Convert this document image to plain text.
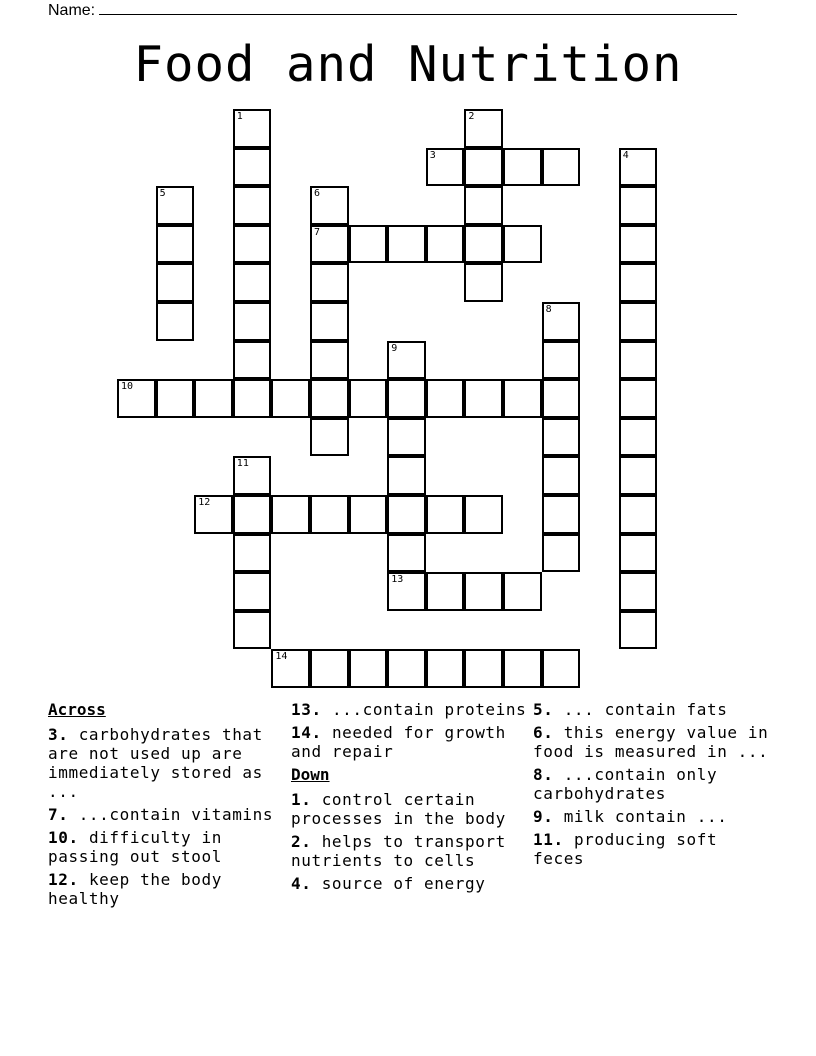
Name:
Food and Nutrition
1	2
3	4
5	6
7
8
9
10
11
12
13
14
Across
3. carbohydrates that are not used up are immediately stored as ...
7. ...contain vitamins
10. difficulty in passing out stool
12. keep the body healthy
13. ...contain proteins
14. needed for growth and repair
Down
1. control certain processes in the body
2. helps to transport nutrients to cells
4. source of energy
5. ... contain fats
6. this energy value in food is measured in ...
8. ...contain only carbohydrates
9. milk contain ...
11. producing soft feces
